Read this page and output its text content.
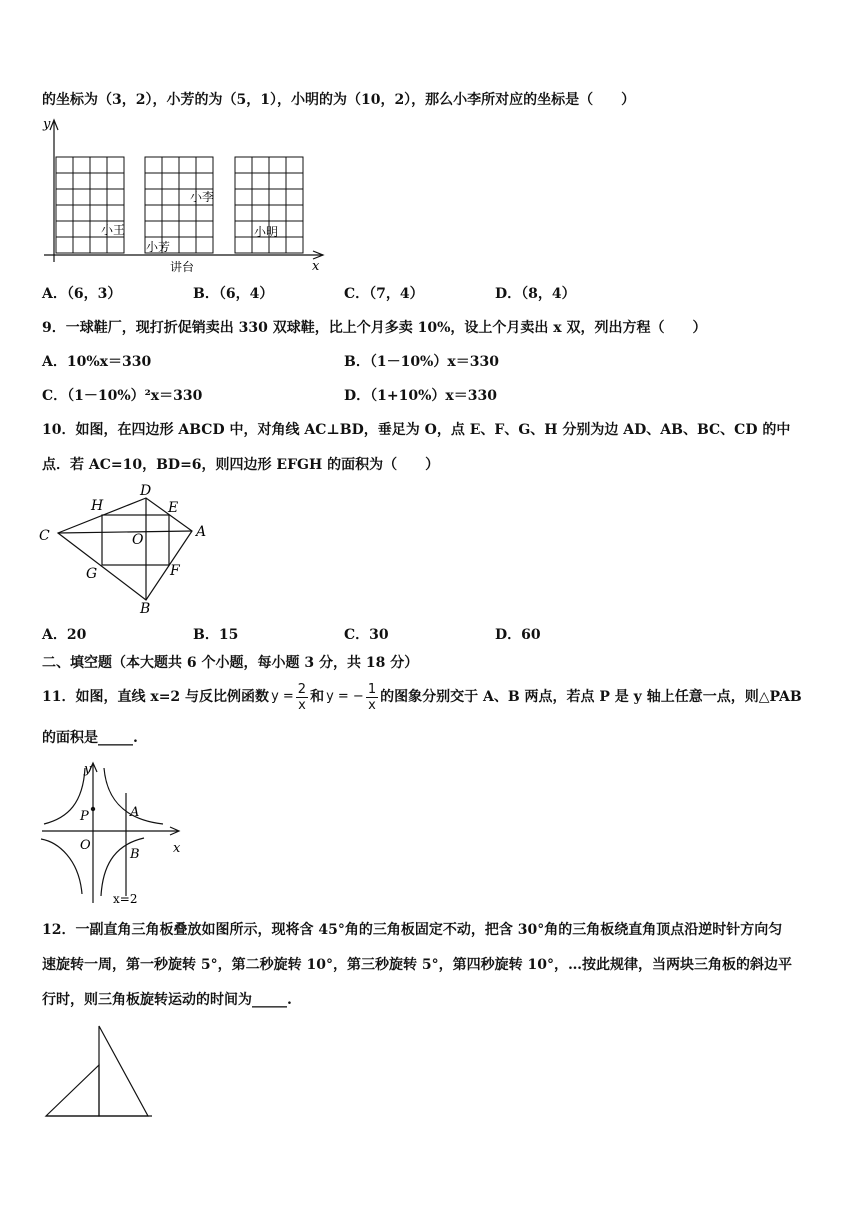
的坐标为（3，2），小芳的为（5，1），小明的为（10，2），那么小李所对应的坐标是（　　）
y
x
小王
小芳
小李
小明
讲台
A．（6，3）	B．（6，4）	C．（7，4）	D．（8，4）
9．一球鞋厂，现打折促销卖出 330 双球鞋，比上个月多卖 10%，设上个月卖出 x 双，列出方程（　　）
A．10%x＝330	B．（1－10%）x＝330
C．（1－10%）²x＝330	D．（1+10%）x＝330
10．如图，在四边形 ABCD 中，对角线 AC⊥BD，垂足为 O，点 E、F、G、H 分别为边 AD、AB、BC、CD 的中
点．若 AC=10，BD=6，则四边形 EFGH 的面积为（　　）
C
D
A
B
H	E
F
G
O
A．20	B．15	C．30	D．60
二、填空题（本大题共 6 个小题，每小题 3 分，共 18 分）
11．如图，直线 x=2 与反比例函数 $y = \frac{2}{x}$ 和 y = − $\frac{1}{x}$ 的图象分别交于 A、B 两点，若点 P 是 y 轴上任意一点，则△PAB
的面积是_____.
y
x
P
O
A
B
x=2
12．一副直角三角板叠放如图所示，现将含 45°角的三角板固定不动，把含 30°角的三角板绕直角顶点沿逆时针方向匀
速旋转一周，第一秒旋转 5°，第二秒旋转 10°，第三秒旋转 5°，第四秒旋转 10°，…按此规律，当两块三角板的斜边平
行时，则三角板旋转运动的时间为_____.
